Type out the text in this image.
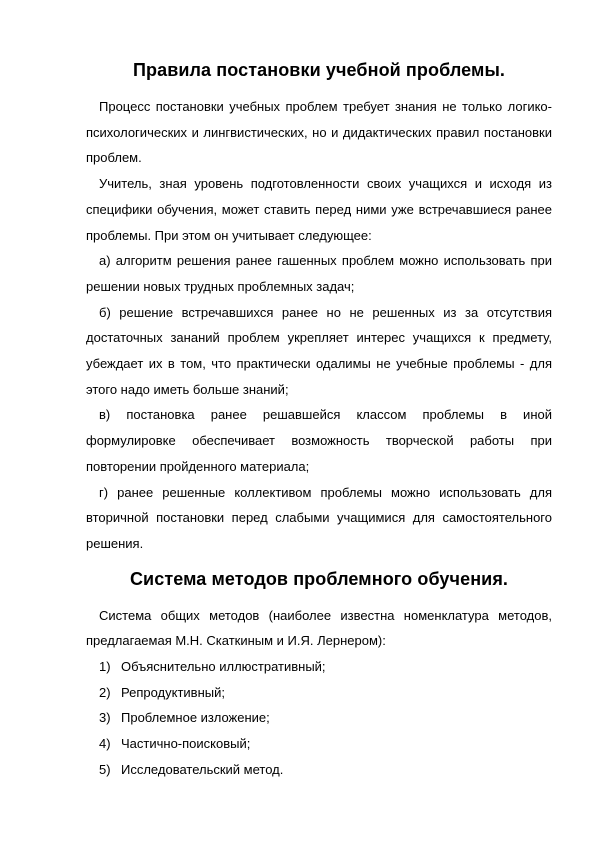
Правила постановки учебной проблемы.

Процесс постановки учебных проблем требует знания не только логико-психологических и лингвистических, но и дидактических правил постановки проблем.

Учитель, зная уровень подготовленности своих учащихся и исходя из специфики обучения, может ставить перед ними уже встречавшиеся ранее проблемы. При этом он учитывает следующее:

а) алгоритм решения ранее гашенных проблем можно использовать при решении новых трудных проблемных задач;

б) решение встречавшихся ранее но не решенных из за отсутствия достаточных зананий проблем укрепляет интерес учащихся к предмету, убеждает их в том, что практически одалимы не учебные проблемы - для этого надо иметь больше знаний;

в) постановка ранее решавшейся классом проблемы в иной формулировке обеспечивает возможность творческой работы при повторении пройденного материала;

г) ранее решенные коллективом проблемы можно использовать для вторичной постановки перед слабыми учащимися для самостоятельного решения.

Система методов проблемного обучения.

Система общих методов (наиболее известна номенклатура методов, предлагаемая М.Н. Скаткиным и И.Я. Лернером):

1) Объяснительно иллюстративный;
2) Репродуктивный;
3) Проблемное изложение;
4) Частично-поисковый;
5) Исследовательский метод.
